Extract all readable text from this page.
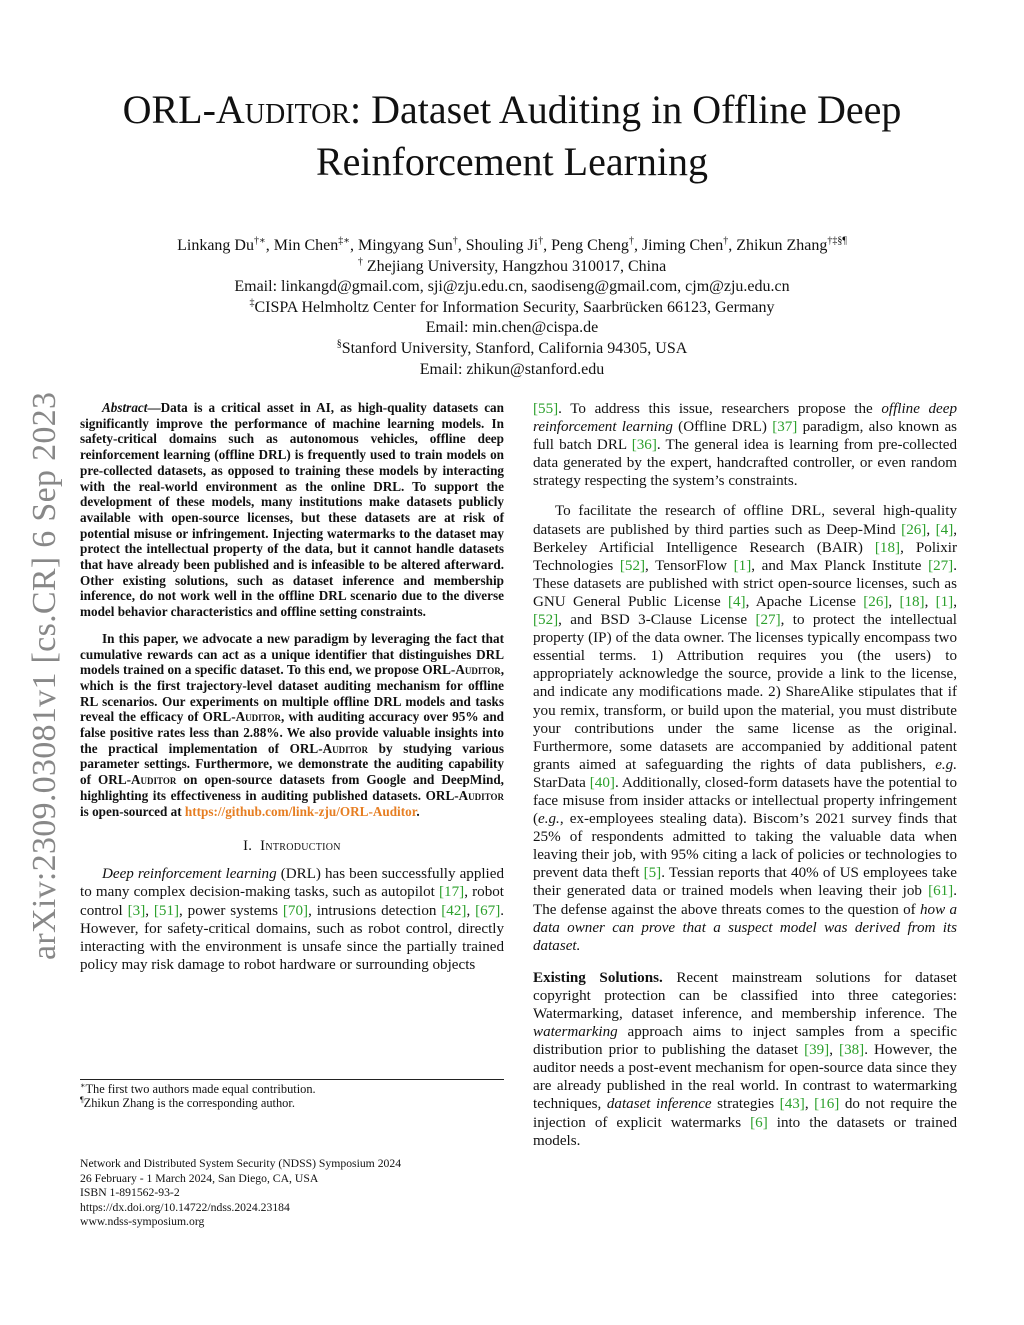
ORL-Auditor: Dataset Auditing in Offline Deep
Reinforcement Learning
Linkang Du†∗, Min Chen‡∗, Mingyang Sun†, Shouling Ji†, Peng Cheng†, Jiming Chen†, Zhikun Zhang†‡§¶
† Zhejiang University, Hangzhou 310017, China
Email: linkangd@gmail.com, sji@zju.edu.cn, saodiseng@gmail.com, cjm@zju.edu.cn
‡CISPA Helmholtz Center for Information Security, Saarbrücken 66123, Germany
Email: min.chen@cispa.de
§Stanford University, Stanford, California 94305, USA
Email: zhikun@stanford.edu
arXiv:2309.03081v1 [cs.CR] 6 Sep 2023	Abstract—Data is a critical asset in AI, as high-quality datasets can significantly improve the performance of machine learning models. In safety-critical domains such as autonomous vehicles, offline deep reinforcement learning (offline DRL) is frequently used to train models on pre-collected datasets, as opposed to training these models by interacting with the real-world environment as the online DRL. To support the development of these models, many institutions make datasets publicly available with open-source licenses, but these datasets are at risk of potential misuse or infringement. Injecting watermarks to the dataset may protect the intellectual property of the data, but it cannot handle datasets that have already been published and is infeasible to be altered afterward. Other existing solutions, such as dataset inference and membership inference, do not work well in the offline DRL scenario due to the diverse model behavior characteristics and offline setting constraints.

In this paper, we advocate a new paradigm by leveraging the fact that cumulative rewards can act as a unique identifier that distinguishes DRL models trained on a specific dataset. To this end, we propose ORL-Auditor, which is the first trajectory-level dataset auditing mechanism for offline RL scenarios. Our experiments on multiple offline DRL models and tasks reveal the efficacy of ORL-Auditor, with auditing accuracy over 95% and false positive rates less than 2.88%. We also provide valuable insights into the practical implementation of ORL-Auditor by studying various parameter settings. Furthermore, we demonstrate the auditing capability of ORL-Auditor on open-source datasets from Google and DeepMind, highlighting its effectiveness in auditing published datasets. ORL-Auditor is open-sourced at https://github.com/link-zju/ORL-Auditor.

I. Introduction

Deep reinforcement learning (DRL) has been successfully applied to many complex decision-making tasks, such as autopilot [17], robot control [3], [51], power systems [70], intrusions detection [42], [67]. However, for safety-critical domains, such as robot control, directly interacting with the environment is unsafe since the partially trained policy may risk damage to robot hardware or surrounding objects

∗The first two authors made equal contribution.
¶Zhikun Zhang is the corresponding author.
Network and Distributed System Security (NDSS) Symposium 2024
26 February - 1 March 2024, San Diego, CA, USA
ISBN 1-891562-93-2
https://dx.doi.org/10.14722/ndss.2024.23184
www.ndss-symposium.org

[55]. To address this issue, researchers propose the offline deep reinforcement learning (Offline DRL) [37] paradigm, also known as full batch DRL [36]. The general idea is learning from pre-collected data generated by the expert, handcrafted controller, or even random strategy respecting the system’s constraints.

To facilitate the research of offline DRL, several high-quality datasets are published by third parties such as Deep-Mind [26], [4], Berkeley Artificial Intelligence Research (BAIR) [18], Polixir Technologies [52], TensorFlow [1], and Max Planck Institute [27]. These datasets are published with strict open-source licenses, such as GNU General Public License [4], Apache License [26], [18], [1], [52], and BSD 3-Clause License [27], to protect the intellectual property (IP) of the data owner. The licenses typically encompass two essential terms. 1) Attribution requires you (the users) to appropriately acknowledge the source, provide a link to the license, and indicate any modifications made. 2) ShareAlike stipulates that if you remix, transform, or build upon the material, you must distribute your contributions under the same license as the original. Furthermore, some datasets are accompanied by additional patent grants aimed at safeguarding the rights of data publishers, e.g. StarData [40]. Additionally, closed-form datasets have the potential to face misuse from insider attacks or intellectual property infringement (e.g., ex-employees stealing data). Biscom’s 2021 survey finds that 25% of respondents admitted to taking the valuable data when leaving their job, with 95% citing a lack of policies or technologies to prevent data theft [5]. Tessian reports that 40% of US employees take their generated data or trained models when leaving their job [61]. The defense against the above threats comes to the question of how a data owner can prove that a suspect model was derived from its dataset.

Existing Solutions. Recent mainstream solutions for dataset copyright protection can be classified into three categories: Watermarking, dataset inference, and membership inference. The watermarking approach aims to inject samples from a specific distribution prior to publishing the dataset [39], [38]. However, the auditor needs a post-event mechanism for open-source data since they are already published in the real world. In contrast to watermarking techniques, dataset inference strategies [43], [16] do not require the injection of explicit watermarks [6] into the datasets or trained models.
